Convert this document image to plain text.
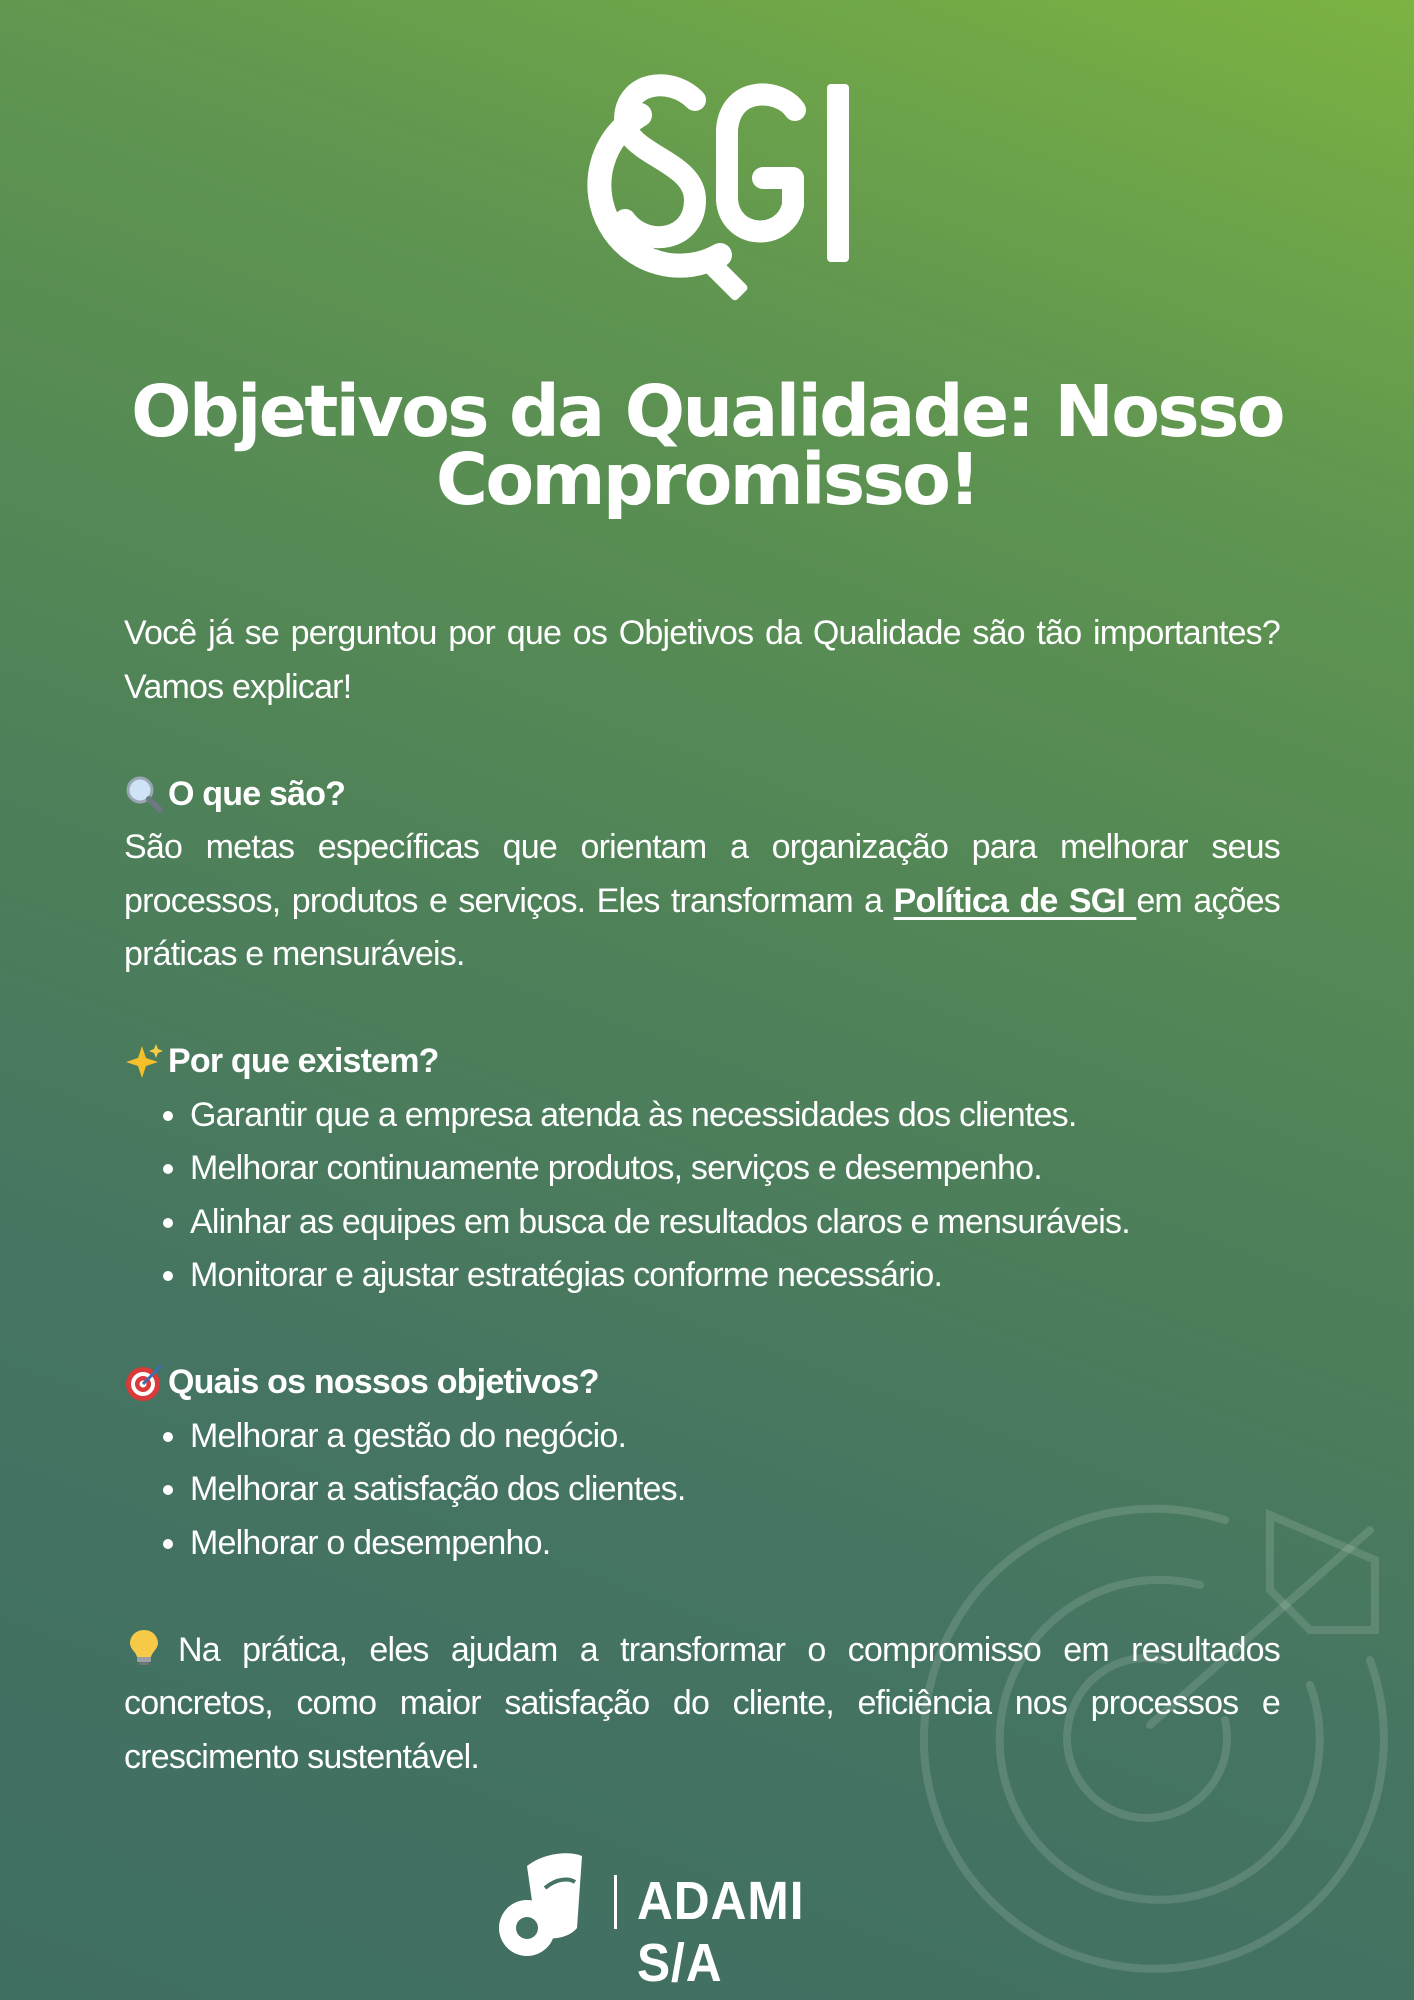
Objetivos da Qualidade: Nosso Compromisso!

Você já se perguntou por que os Objetivos da Qualidade são tão importantes? Vamos explicar!

O que são?

São metas específicas que orientam a organização para melhorar seus processos, produtos e serviços. Eles transformam a Política de SGI em ações práticas e mensuráveis.

Por que existem?
• Garantir que a empresa atenda às necessidades dos clientes.
• Melhorar continuamente produtos, serviços e desempenho.
• Alinhar as equipes em busca de resultados claros e mensuráveis.
• Monitorar e ajustar estratégias conforme necessário.
Quais os nossos objetivos?
• Melhorar a gestão do negócio.
• Melhorar a satisfação dos clientes.
• Melhorar o desempenho.

Na prática, eles ajudam a transformar o compromisso em resultados concretos, como maior satisfação do cliente, eficiência nos processos e crescimento sustentável.

ADAMI S/A
